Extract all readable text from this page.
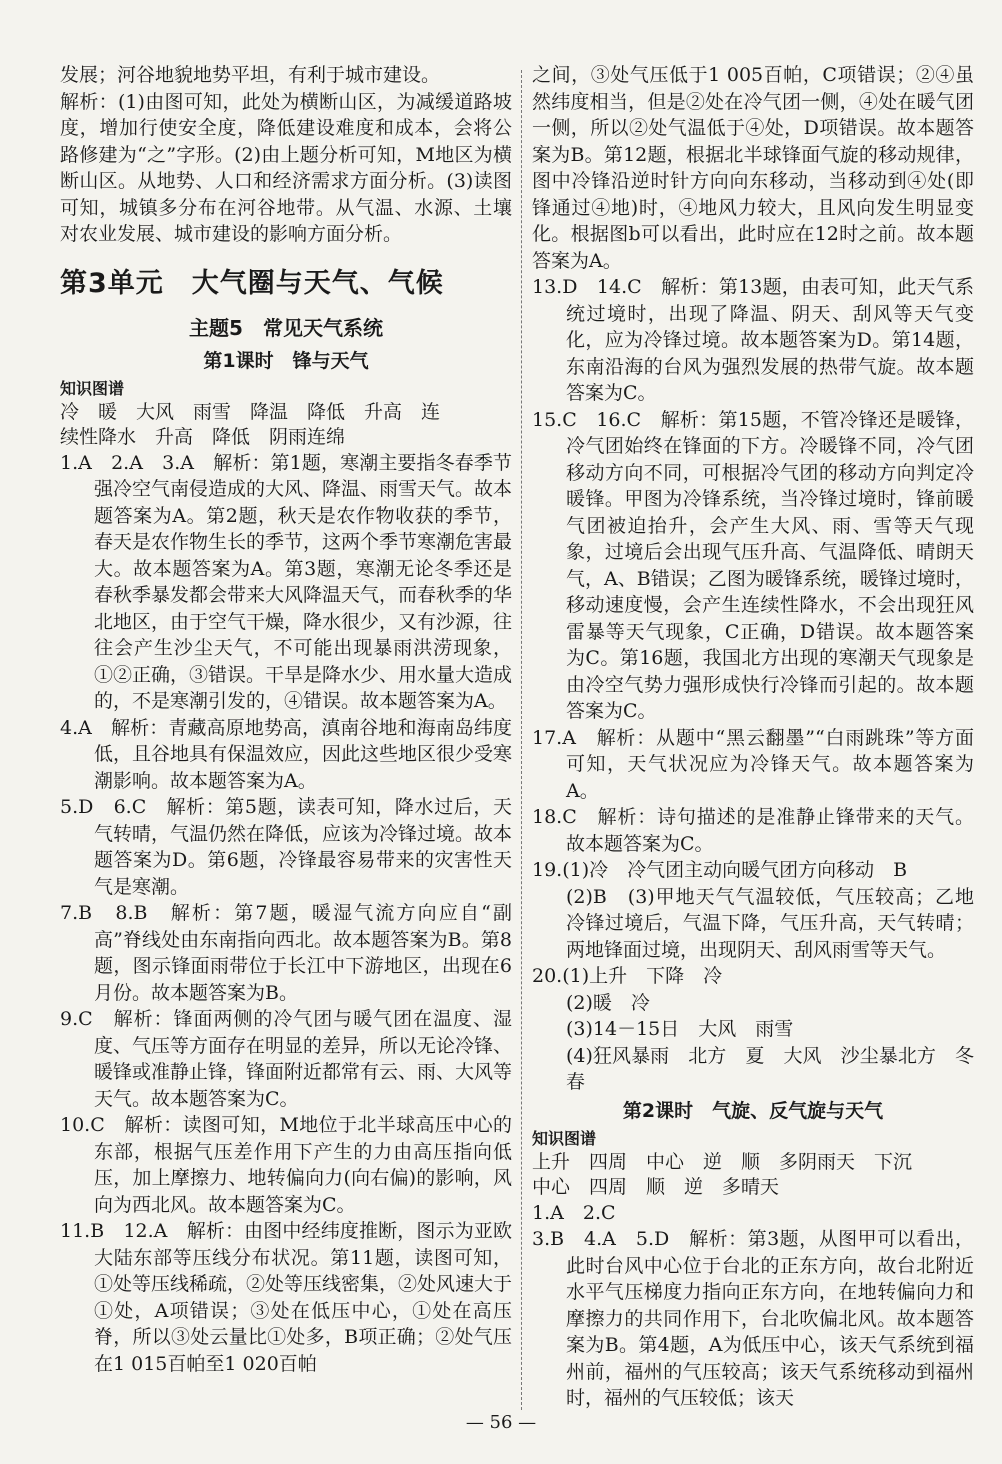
发展；河谷地貌地势平坦，有利于城市建设。

解析：(1)由图可知，此处为横断山区，为减缓道路坡度，增加行使安全度，降低建设难度和成本，会将公路修建为“之”字形。(2)由上题分析可知，M地区为横断山区。从地势、人口和经济需求方面分析。(3)读图可知，城镇多分布在河谷地带。从气温、水源、土壤对农业发展、城市建设的影响方面分析。

第3单元　大气圈与天气、气候
主题5　常见天气系统
第1课时　锋与天气
知识图谱
冷　暖　大风　雨雪　降温　降低　升高　连
续性降水　升高　降低　阴雨连绵

1.A　2.A　3.A　解析：第1题，寒潮主要指冬春季节强冷空气南侵造成的大风、降温、雨雪天气。故本题答案为A。第2题，秋天是农作物收获的季节，春天是农作物生长的季节，这两个季节寒潮危害最大。故本题答案为A。第3题，寒潮无论冬季还是春秋季暴发都会带来大风降温天气，而春秋季的华北地区，由于空气干燥，降水很少，又有沙源，往往会产生沙尘天气，不可能出现暴雨洪涝现象，①②正确，③错误。干旱是降水少、用水量大造成的，不是寒潮引发的，④错误。故本题答案为A。

4.A　解析：青藏高原地势高，滇南谷地和海南岛纬度低，且谷地具有保温效应，因此这些地区很少受寒潮影响。故本题答案为A。

5.D　6.C　解析：第5题，读表可知，降水过后，天气转晴，气温仍然在降低，应该为冷锋过境。故本题答案为D。第6题，冷锋最容易带来的灾害性天气是寒潮。

7.B　8.B　解析：第7题，暖湿气流方向应自“副高”脊线处由东南指向西北。故本题答案为B。第8题，图示锋面雨带位于长江中下游地区，出现在6月份。故本题答案为B。

9.C　解析：锋面两侧的冷气团与暖气团在温度、湿度、气压等方面存在明显的差异，所以无论冷锋、暖锋或准静止锋，锋面附近都常有云、雨、大风等天气。故本题答案为C。

10.C　解析：读图可知，M地位于北半球高压中心的东部，根据气压差作用下产生的力由高压指向低压，加上摩擦力、地转偏向力(向右偏)的影响，风向为西北风。故本题答案为C。

11.B　12.A　解析：由图中经纬度推断，图示为亚欧大陆东部等压线分布状况。第11题，读图可知，①处等压线稀疏，②处等压线密集，②处风速大于①处，A项错误；③处在低压中心，①处在高压脊，所以③处云量比①处多，B项正确；②处气压在1 015百帕至1 020百帕

之间，③处气压低于1 005百帕，C项错误；②④虽然纬度相当，但是②处在冷气团一侧，④处在暖气团一侧，所以②处气温低于④处，D项错误。故本题答案为B。第12题，根据北半球锋面气旋的移动规律，图中冷锋沿逆时针方向向东移动，当移动到④处(即锋通过④地)时，④地风力较大，且风向发生明显变化。根据图b可以看出，此时应在12时之前。故本题答案为A。

13.D　14.C　解析：第13题，由表可知，此天气系统过境时，出现了降温、阴天、刮风等天气变化，应为冷锋过境。故本题答案为D。第14题，东南沿海的台风为强烈发展的热带气旋。故本题答案为C。

15.C　16.C　解析：第15题，不管冷锋还是暖锋，冷气团始终在锋面的下方。冷暖锋不同，冷气团移动方向不同，可根据冷气团的移动方向判定冷暖锋。甲图为冷锋系统，当冷锋过境时，锋前暖气团被迫抬升，会产生大风、雨、雪等天气现象，过境后会出现气压升高、气温降低、晴朗天气，A、B错误；乙图为暖锋系统，暖锋过境时，移动速度慢，会产生连续性降水，不会出现狂风雷暴等天气现象，C正确，D错误。故本题答案为C。第16题，我国北方出现的寒潮天气现象是由冷空气势力强形成快行冷锋而引起的。故本题答案为C。

17.A　解析：从题中“黑云翻墨”“白雨跳珠”等方面可知，天气状况应为冷锋天气。故本题答案为A。

18.C　解析：诗句描述的是准静止锋带来的天气。故本题答案为C。

19.(1)冷　冷气团主动向暖气团方向移动　B

(2)B　(3)甲地天气气温较低，气压较高；乙地冷锋过境后，气温下降，气压升高，天气转晴；两地锋面过境，出现阴天、刮风雨雪等天气。

20.(1)上升　下降　冷

(2)暖　冷

(3)14－15日　大风　雨雪

(4)狂风暴雨　北方　夏　大风　沙尘暴北方　冬春

第2课时　气旋、反气旋与天气
知识图谱
上升　四周　中心　逆　顺　多阴雨天　下沉
中心　四周　顺　逆　多晴天

1.A　2.C

3.B　4.A　5.D　解析：第3题，从图甲可以看出，此时台风中心位于台北的正东方向，故台北附近水平气压梯度力指向正东方向，在地转偏向力和摩擦力的共同作用下，台北吹偏北风。故本题答案为B。第4题，A为低压中心，该天气系统到福州前，福州的气压较高；该天气系统移动到福州时，福州的气压较低；该天

— 56 —
